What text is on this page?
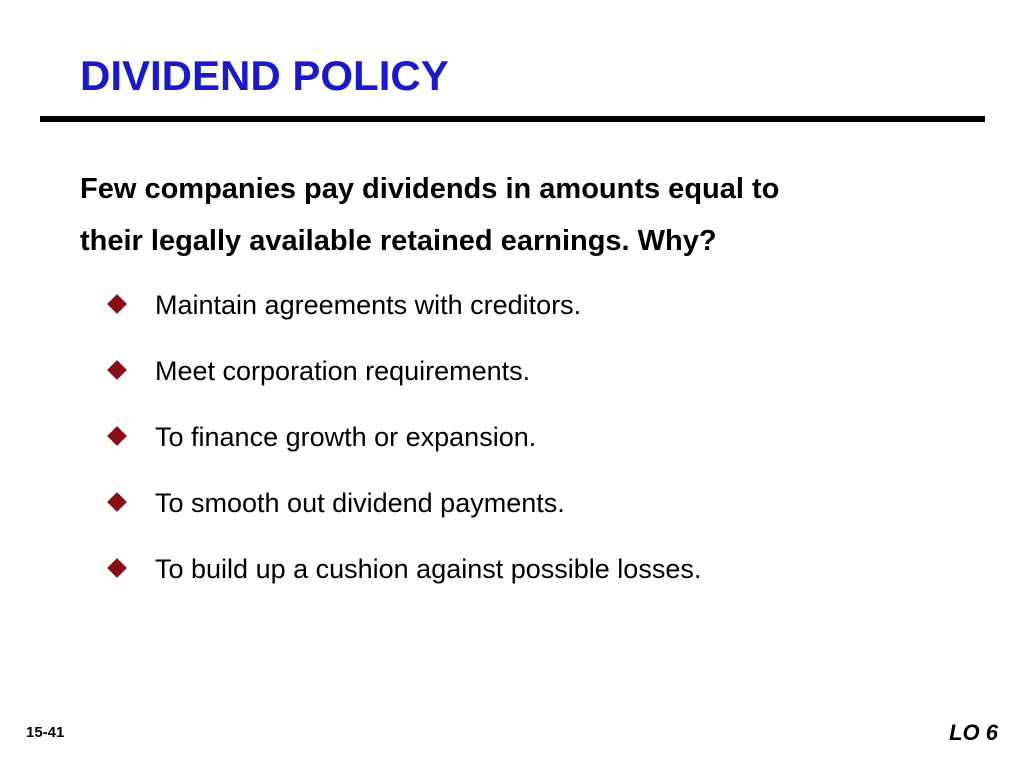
DIVIDEND POLICY

Few companies pay dividends in amounts equal to
their legally available retained earnings. Why?

Maintain agreements with creditors.
Meet corporation requirements.
To finance growth or expansion.
To smooth out dividend payments.
To build up a cushion against possible losses.
15-41	LO 6
